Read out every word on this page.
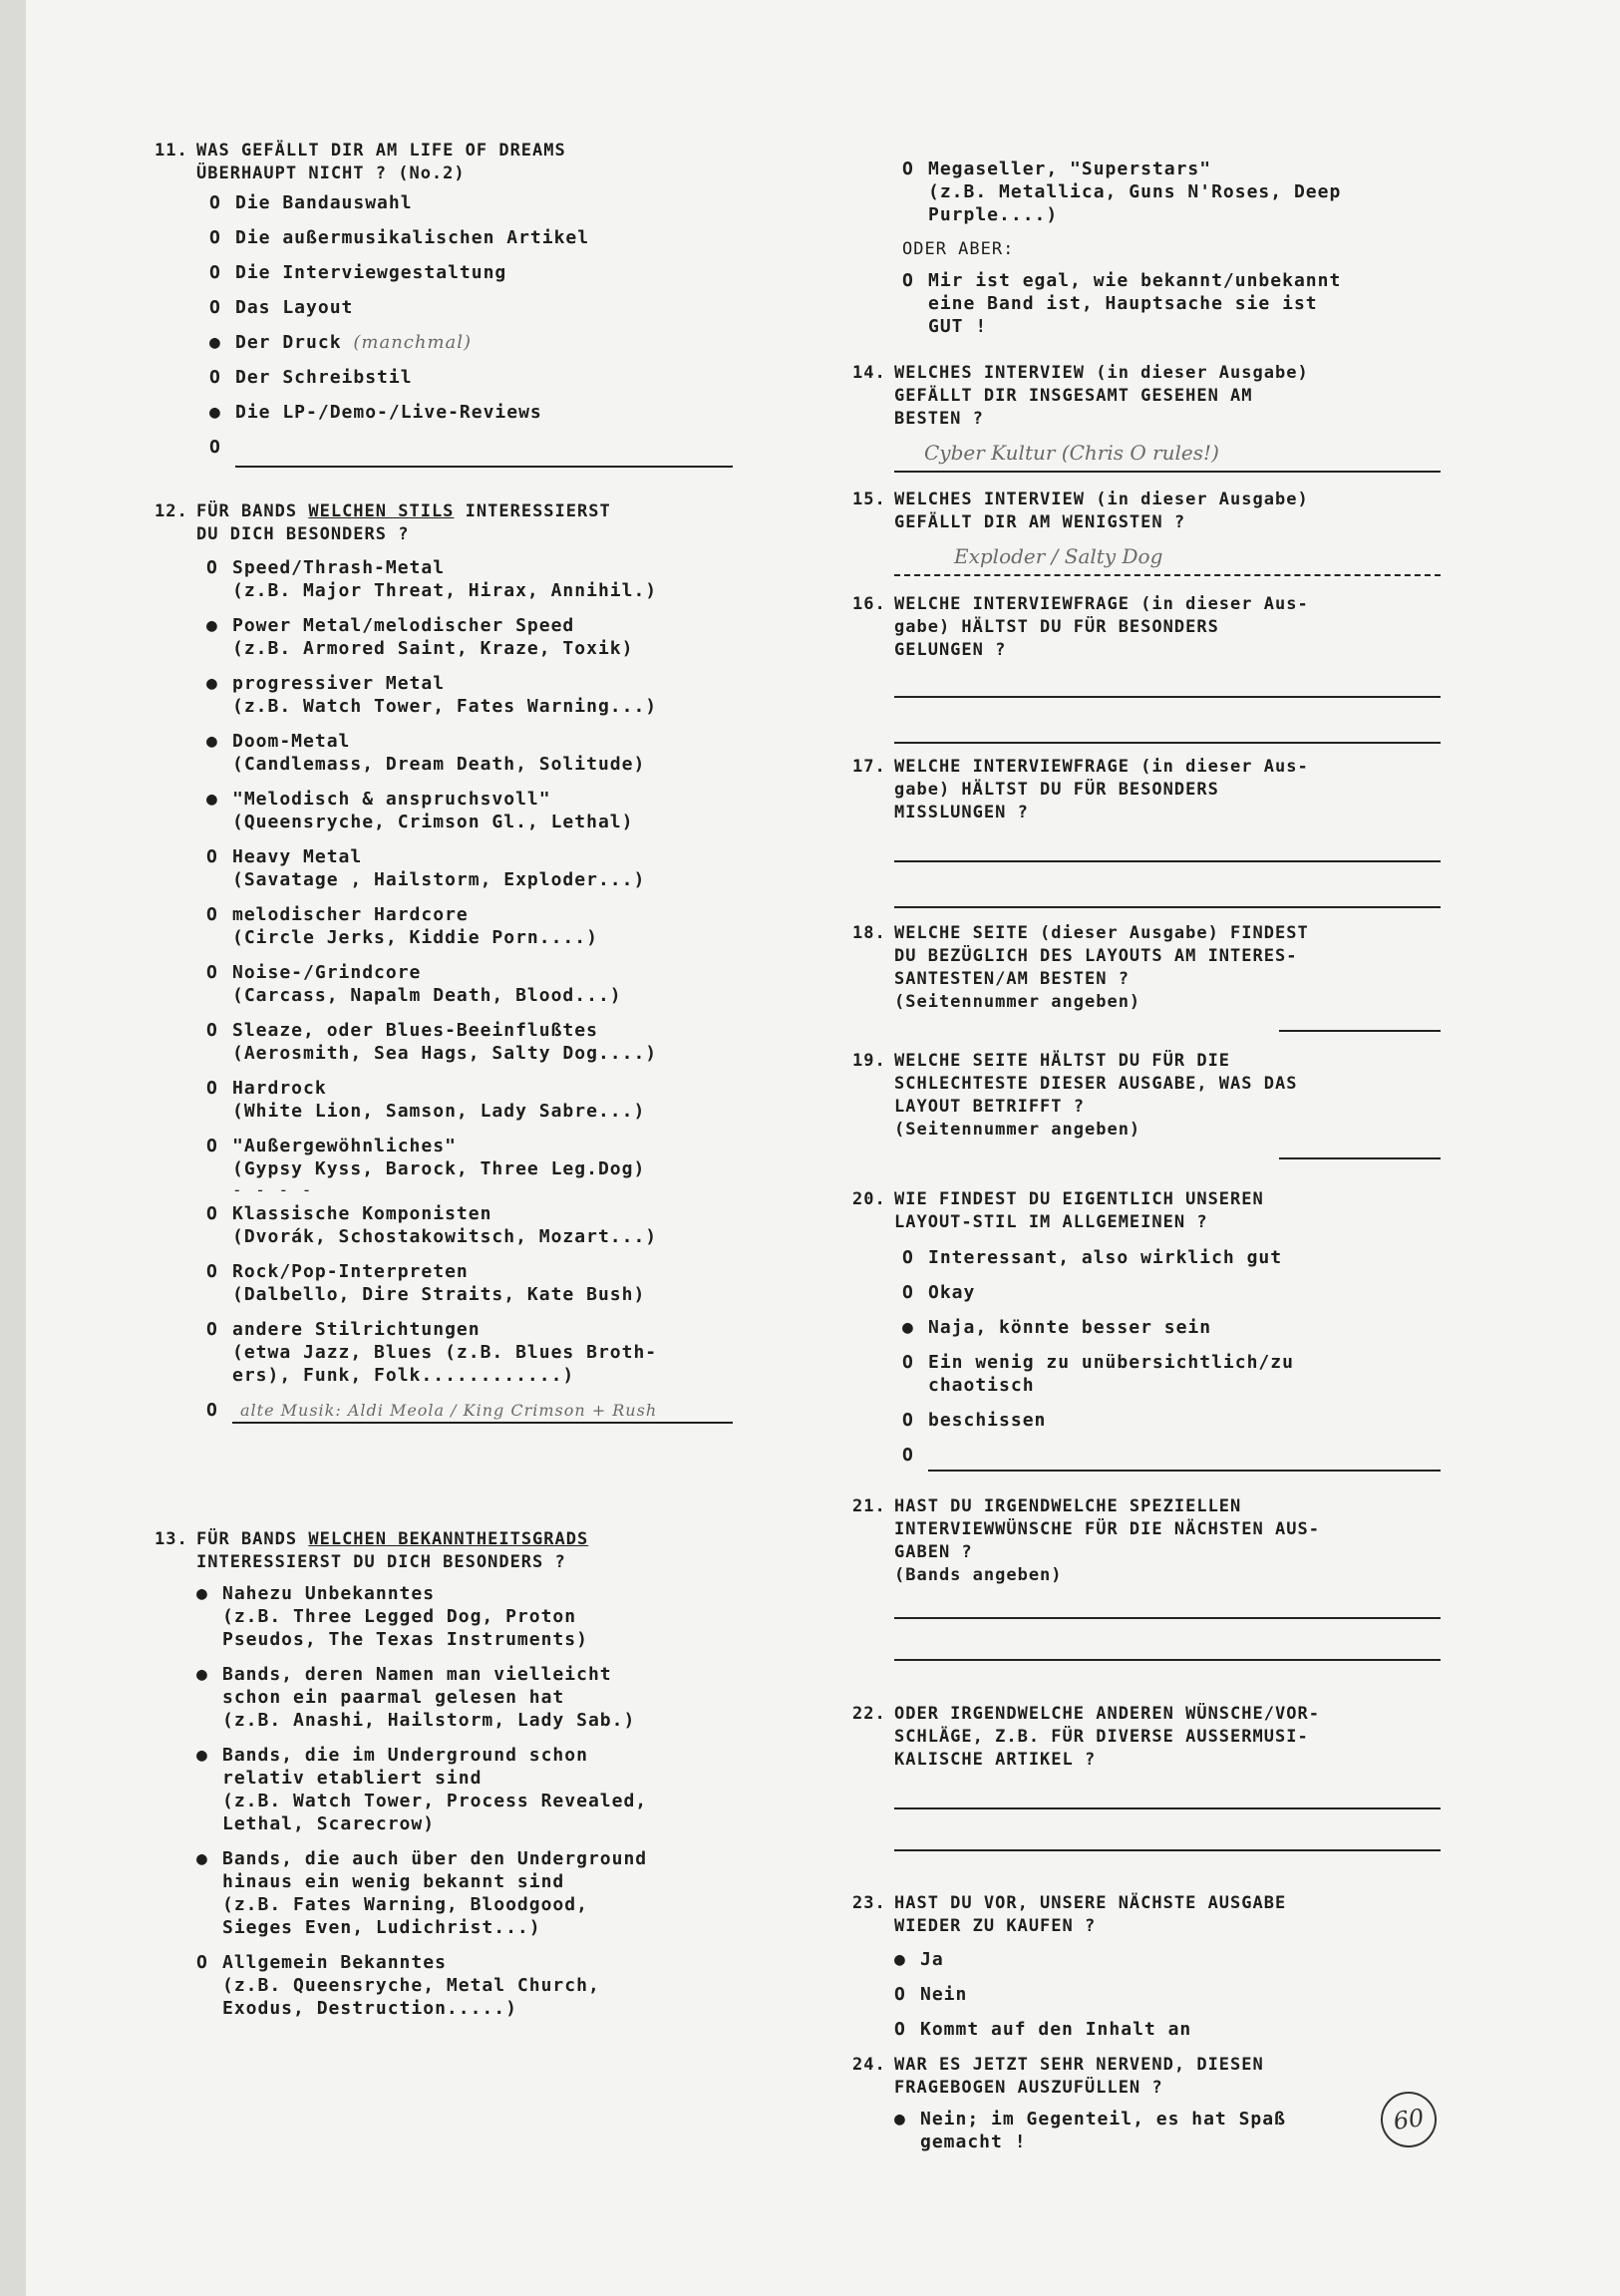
11. WAS GEFÄLLT DIR AM LIFE OF DREAMS
ÜBERHAUPT NICHT ? (No.2)
O Die Bandauswahl
O Die außermusikalischen Artikel
O Die Interviewgestaltung
O Das Layout
● Der Druck (manchmal)
O Der Schreibstil
● Die LP-/Demo-/Live-Reviews
O
12. FÜR BANDS WELCHEN STILS INTERESSIERST
DU DICH BESONDERS ?
O Speed/Thrash-Metal
(z.B. Major Threat, Hirax, Annihil.)
● Power Metal/melodischer Speed
(z.B. Armored Saint, Kraze, Toxik)
● progressiver Metal
(z.B. Watch Tower, Fates Warning...)
● Doom-Metal
(Candlemass, Dream Death, Solitude)
● "Melodisch & anspruchsvoll"
(Queensryche, Crimson Gl., Lethal)
O Heavy Metal
(Savatage , Hailstorm, Exploder...)
O melodischer Hardcore
(Circle Jerks, Kiddie Porn....)
O Noise-/Grindcore
(Carcass, Napalm Death, Blood...)
O Sleaze, oder Blues-Beeinflußtes
(Aerosmith, Sea Hags, Salty Dog....)
O Hardrock
(White Lion, Samson, Lady Sabre...)
O "Außergewöhnliches"
(Gypsy Kyss, Barock, Three Leg.Dog)
- - - -
O Klassische Komponisten
(Dvorák, Schostakowitsch, Mozart...)
O Rock/Pop-Interpreten
(Dalbello, Dire Straits, Kate Bush)
O andere Stilrichtungen
(etwa Jazz, Blues (z.B. Blues Broth-
ers), Funk, Folk............)
O	alte Musik: Aldi Meola / King Crimson + Rush
13. FÜR BANDS WELCHEN BEKANNTHEITSGRADS
INTERESSIERST DU DICH BESONDERS ?
● Nahezu Unbekanntes
(z.B. Three Legged Dog, Proton
Pseudos, The Texas Instruments)
● Bands, deren Namen man vielleicht
schon ein paarmal gelesen hat
(z.B. Anashi, Hailstorm, Lady Sab.)
● Bands, die im Underground schon
relativ etabliert sind
(z.B. Watch Tower, Process Revealed,
Lethal, Scarecrow)
● Bands, die auch über den Underground
hinaus ein wenig bekannt sind
(z.B. Fates Warning, Bloodgood,
Sieges Even, Ludichrist...)
O Allgemein Bekanntes
(z.B. Queensryche, Metal Church,
Exodus, Destruction.....)
O Megaseller, "Superstars"
(z.B. Metallica, Guns N'Roses, Deep
Purple....)
ODER ABER:
O Mir ist egal, wie bekannt/unbekannt
eine Band ist, Hauptsache sie ist
GUT !
14. WELCHES INTERVIEW (in dieser Ausgabe)
GEFÄLLT DIR INSGESAMT GESEHEN AM
BESTEN ?
Cyber Kultur (Chris O rules!)
15. WELCHES INTERVIEW (in dieser Ausgabe)
GEFÄLLT DIR AM WENIGSTEN ?
Exploder / Salty Dog
16. WELCHE INTERVIEWFRAGE (in dieser Aus-
gabe) HÄLTST DU FÜR BESONDERS
GELUNGEN ?
17. WELCHE INTERVIEWFRAGE (in dieser Aus-
gabe) HÄLTST DU FÜR BESONDERS
MISSLUNGEN ?
18. WELCHE SEITE (dieser Ausgabe) FINDEST
DU BEZÜGLICH DES LAYOUTS AM INTERES-
SANTESTEN/AM BESTEN ?
(Seitennummer angeben)
19. WELCHE SEITE HÄLTST DU FÜR DIE
SCHLECHTESTE DIESER AUSGABE, WAS DAS
LAYOUT BETRIFFT ?
(Seitennummer angeben)
20. WIE FINDEST DU EIGENTLICH UNSEREN
LAYOUT-STIL IM ALLGEMEINEN ?
O Interessant, also wirklich gut
O Okay
● Naja, könnte besser sein
O Ein wenig zu unübersichtlich/zu
chaotisch
O beschissen
O
21. HAST DU IRGENDWELCHE SPEZIELLEN
INTERVIEWWÜNSCHE FÜR DIE NÄCHSTEN AUS-
GABEN ?
(Bands angeben)
22. ODER IRGENDWELCHE ANDEREN WÜNSCHE/VOR-
SCHLÄGE, Z.B. FÜR DIVERSE AUSSERMUSI-
KALISCHE ARTIKEL ?
23. HAST DU VOR, UNSERE NÄCHSTE AUSGABE
WIEDER ZU KAUFEN ?
● Ja
O Nein
O Kommt auf den Inhalt an
24. WAR ES JETZT SEHR NERVEND, DIESEN
FRAGEBOGEN AUSZUFÜLLEN ?
● Nein; im Gegenteil, es hat Spaß
gemacht !
60
